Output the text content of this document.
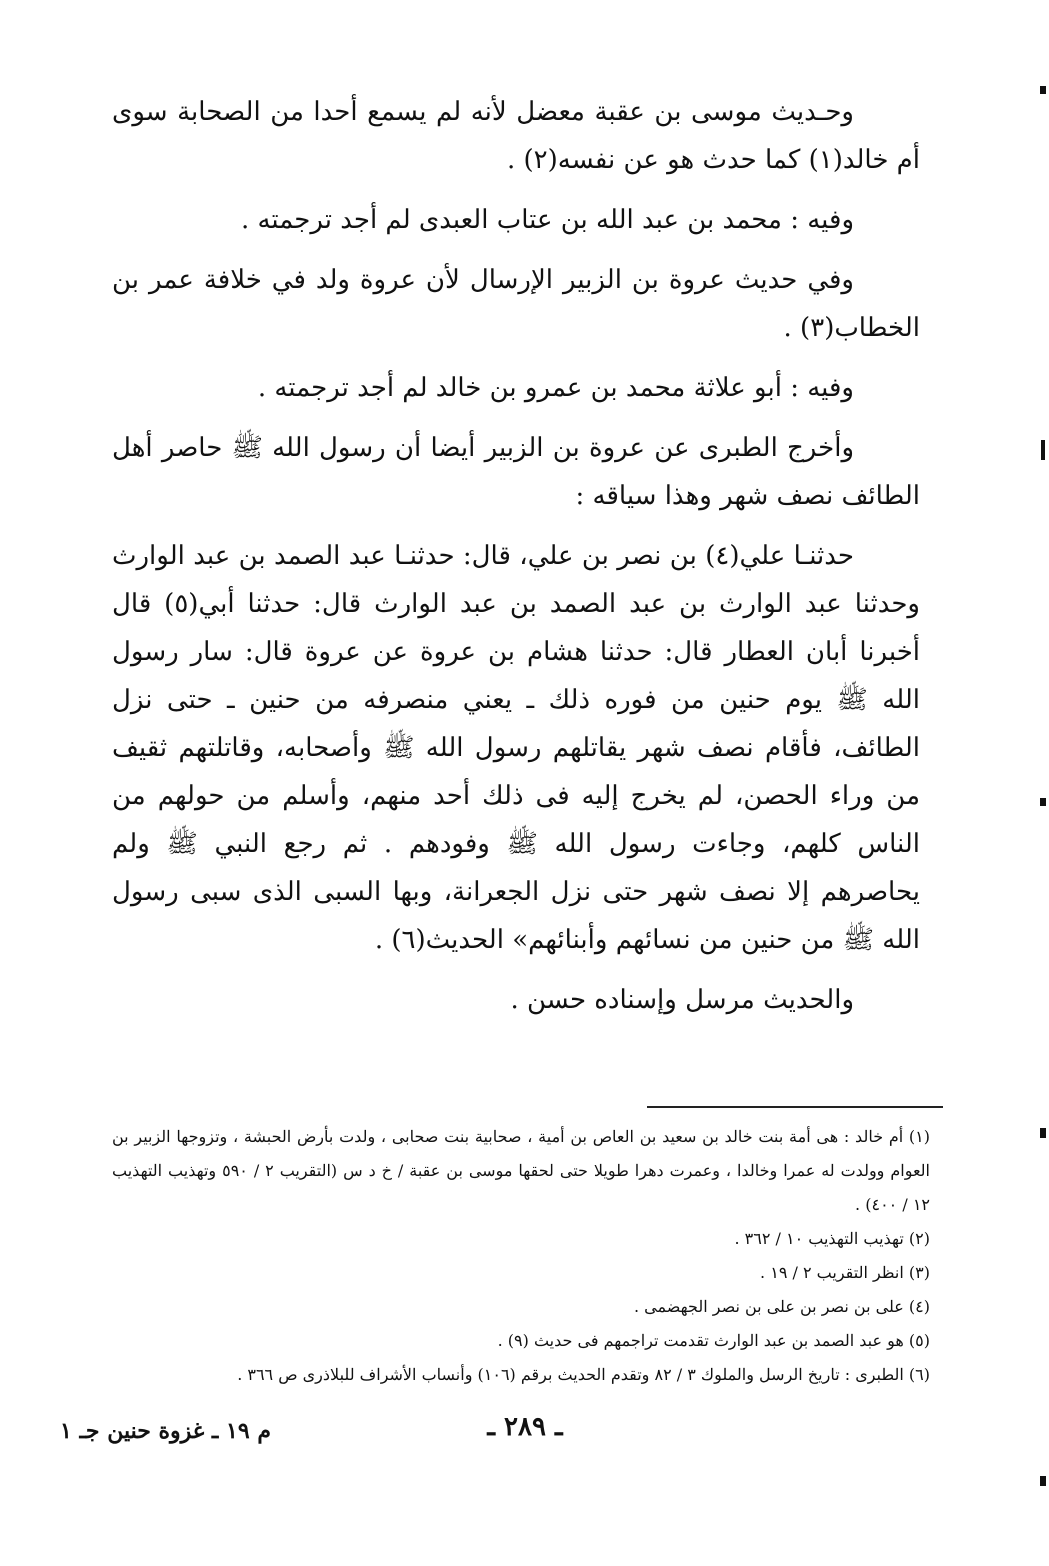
وحـديث موسى بن عقبة معضل لأنه لم يسمع أحدا من الصحابة سوى أم خالد(١) كما حدث هو عن نفسه(٢) .

وفيه : محمد بن عبد الله بن عتاب العبدى لم أجد ترجمته .

وفي حديث عروة بن الزبير الإرسال لأن عروة ولد في خلافة عمر بن الخطاب(٣) .

وفيه : أبو علاثة محمد بن عمرو بن خالد لم أجد ترجمته .

وأخرج الطبرى عن عروة بن الزبير أيضا أن رسول الله ﷺ حاصر أهل الطائف نصف شهر وهذا سياقه :

حدثنـا علي(٤) بن نصر بن علي، قال: حدثنـا عبد الصمد بن عبد الوارث وحدثنا عبد الوارث بن عبد الصمد بن عبد الوارث قال: حدثنا أبي(٥) قال أخبرنا أبان العطار قال: حدثنا هشام بن عروة عن عروة قال: سار رسول الله ﷺ يوم حنين من فوره ذلك ـ يعني منصرفه من حنين ـ حتى نزل الطائف، فأقام نصف شهر يقاتلهم رسول الله ﷺ وأصحابه، وقاتلتهم ثقيف من وراء الحصن، لم يخرج إليه فى ذلك أحد منهم، وأسلم من حولهم من الناس كلهم، وجاءت رسول الله ﷺ وفودهم . ثم رجع النبي ﷺ ولم يحاصرهم إلا نصف شهر حتى نزل الجعرانة، وبها السبى الذى سبى رسول الله ﷺ من حنين من نسائهم وأبنائهم» الحديث(٦) .

والحديث مرسل وإسناده حسن .

(١) أم خالد : هى أمة بنت خالد بن سعيد بن العاص بن أمية ، صحابية بنت صحابى ، ولدت بأرض الحبشة ، وتزوجها الزبير بن العوام وولدت له عمرا وخالدا ، وعمرت دهرا طويلا حتى لحقها موسى بن عقبة / خ د س (التقريب ٢ / ٥٩٠ وتهذيب التهذيب ١٢ / ٤٠٠) .

(٢) تهذيب التهذيب ١٠ / ٣٦٢ .

(٣) انظر التقريب ٢ / ١٩ .

(٤) على بن نصر بن على بن نصر الجهضمى .

(٥) هو عبد الصمد بن عبد الوارث تقدمت تراجمهم فى حديث (٩) .

(٦) الطبرى : تاريخ الرسل والملوك ٣ / ٨٢ وتقدم الحديث برقم (١٠٦) وأنساب الأشراف للبلاذرى ص ٣٦٦ .

ـ ٢٨٩ ـ
م ١٩ ـ غزوة حنين جـ ١
